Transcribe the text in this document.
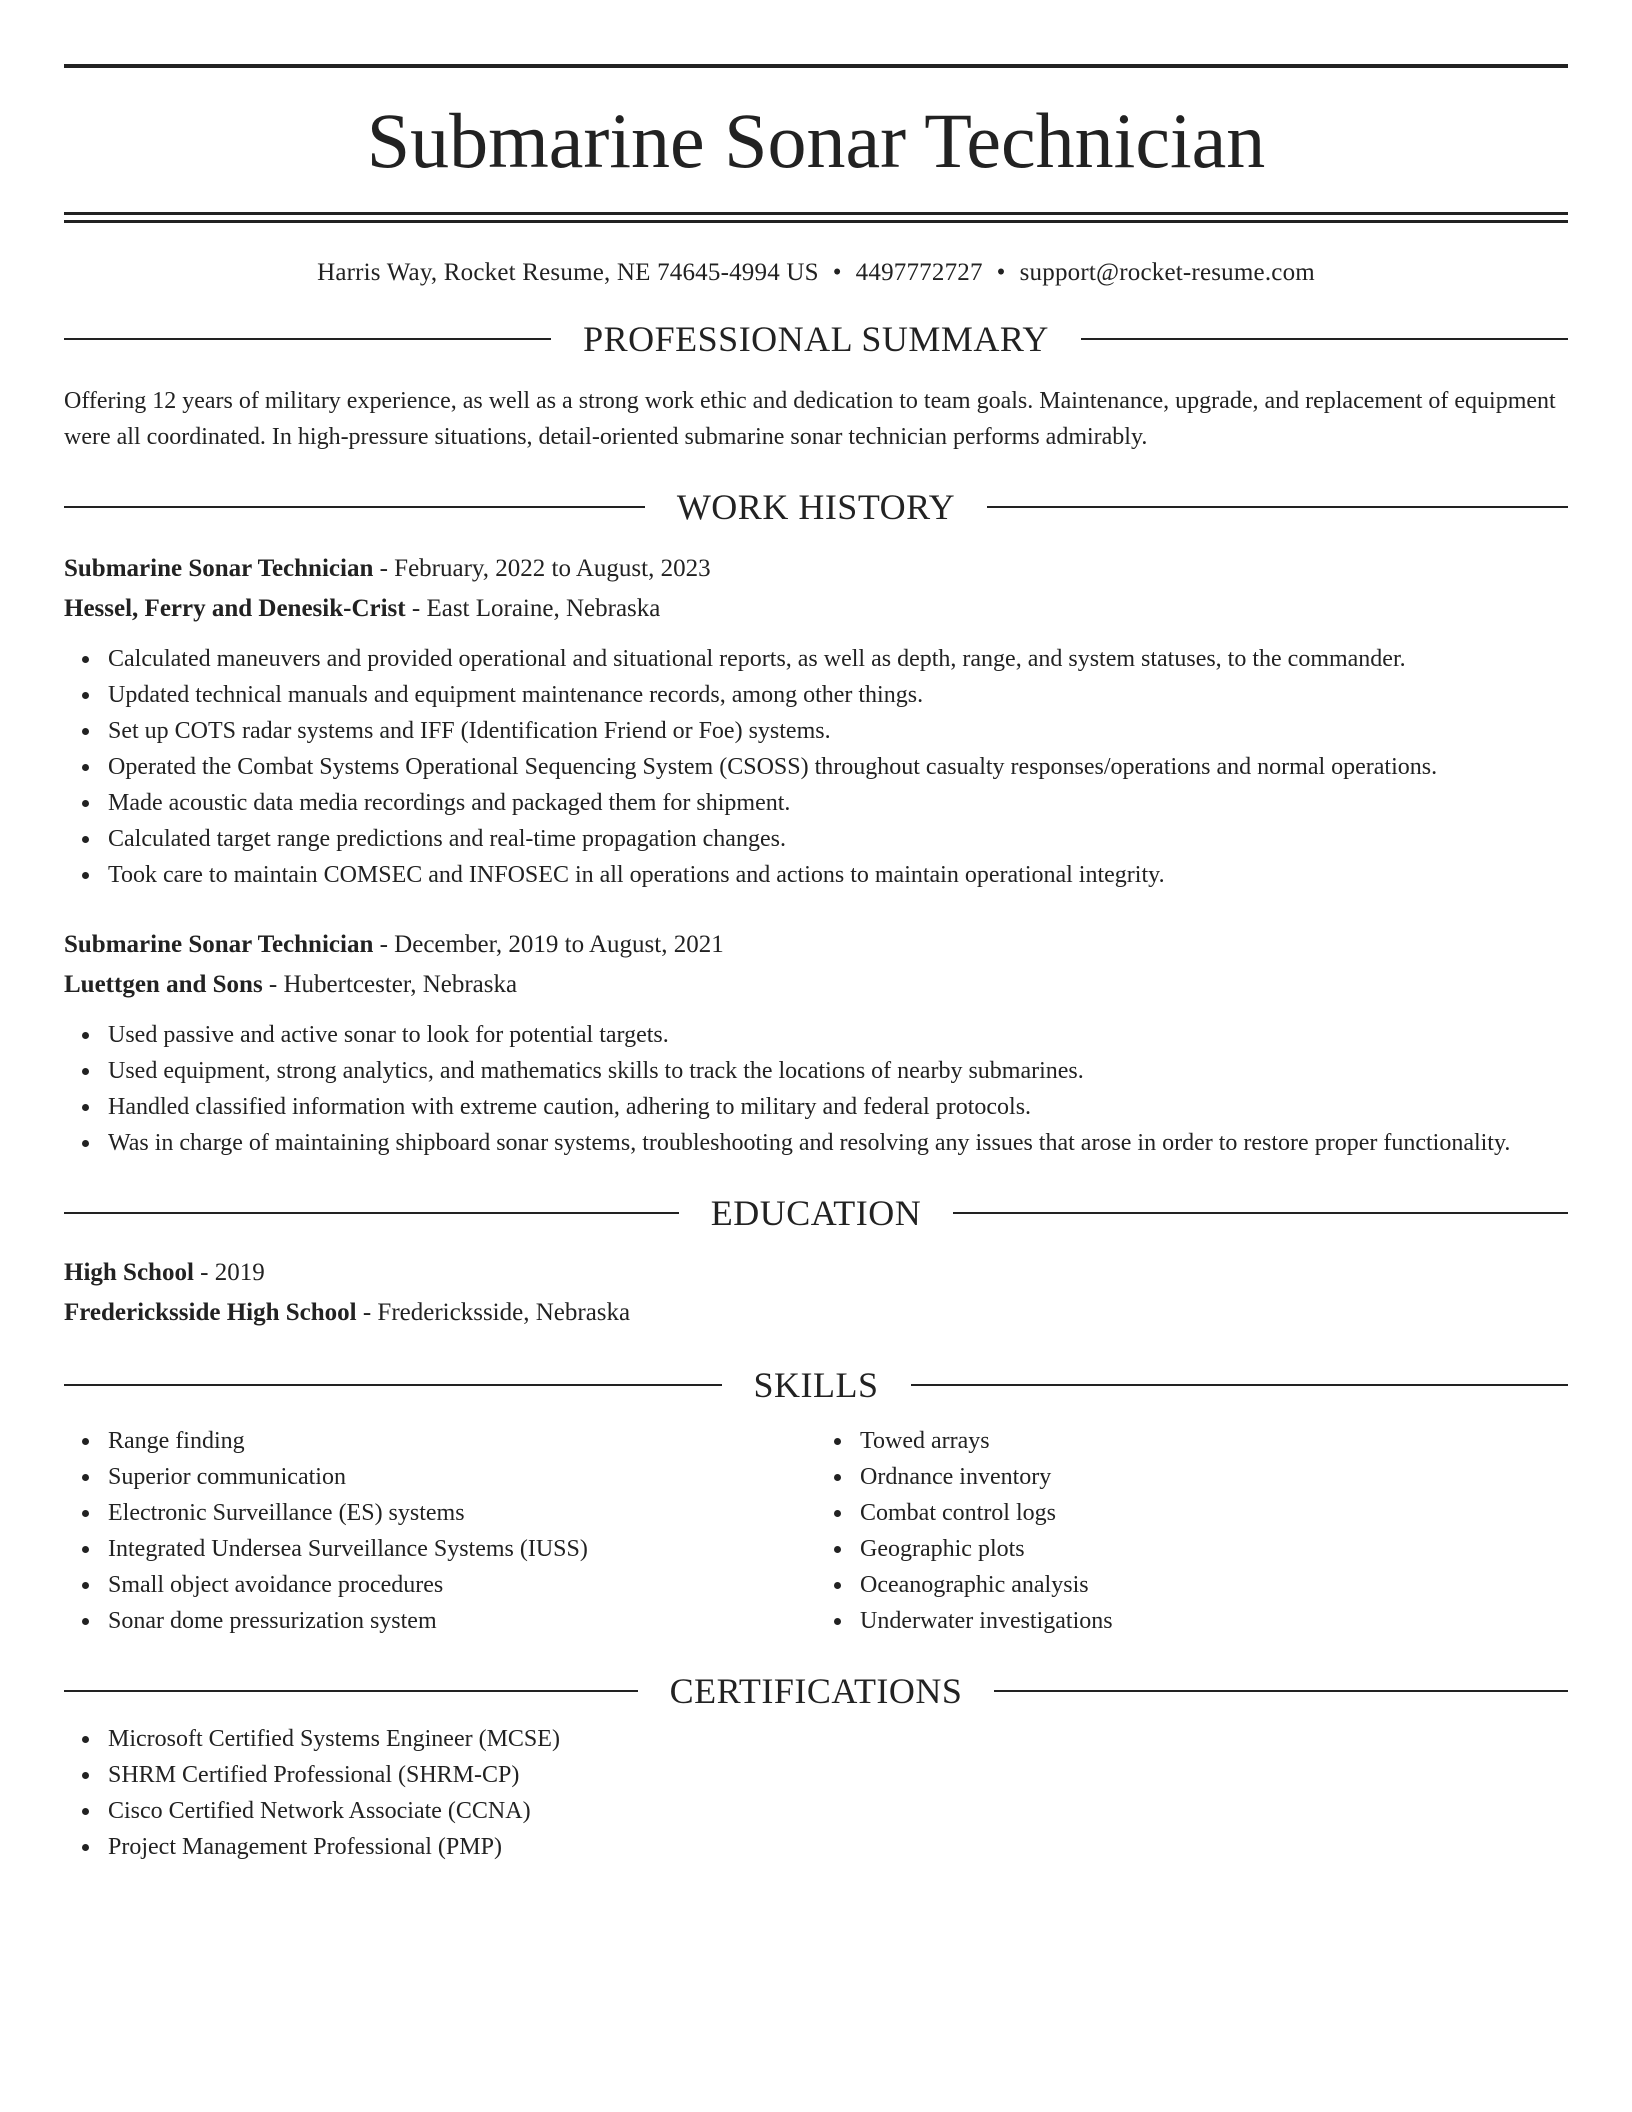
Submarine Sonar Technician
Harris Way, Rocket Resume, NE 74645-4994 US • 4497772727 • support@rocket-resume.com
PROFESSIONAL SUMMARY
Offering 12 years of military experience, as well as a strong work ethic and dedication to team goals. Maintenance, upgrade, and replacement of equipment were all coordinated. In high-pressure situations, detail-oriented submarine sonar technician performs admirably.
WORK HISTORY
Submarine Sonar Technician - February, 2022 to August, 2023
Hessel, Ferry and Denesik-Crist - East Loraine, Nebraska
Calculated maneuvers and provided operational and situational reports, as well as depth, range, and system statuses, to the commander.
Updated technical manuals and equipment maintenance records, among other things.
Set up COTS radar systems and IFF (Identification Friend or Foe) systems.
Operated the Combat Systems Operational Sequencing System (CSOSS) throughout casualty responses/operations and normal operations.
Made acoustic data media recordings and packaged them for shipment.
Calculated target range predictions and real-time propagation changes.
Took care to maintain COMSEC and INFOSEC in all operations and actions to maintain operational integrity.
Submarine Sonar Technician - December, 2019 to August, 2021
Luettgen and Sons - Hubertcester, Nebraska
Used passive and active sonar to look for potential targets.
Used equipment, strong analytics, and mathematics skills to track the locations of nearby submarines.
Handled classified information with extreme caution, adhering to military and federal protocols.
Was in charge of maintaining shipboard sonar systems, troubleshooting and resolving any issues that arose in order to restore proper functionality.
EDUCATION
High School - 2019
Fredericksside High School - Fredericksside, Nebraska
SKILLS
Range finding
Superior communication
Electronic Surveillance (ES) systems
Integrated Undersea Surveillance Systems (IUSS)
Small object avoidance procedures
Sonar dome pressurization system
Towed arrays
Ordnance inventory
Combat control logs
Geographic plots
Oceanographic analysis
Underwater investigations
CERTIFICATIONS
Microsoft Certified Systems Engineer (MCSE)
SHRM Certified Professional (SHRM-CP)
Cisco Certified Network Associate (CCNA)
Project Management Professional (PMP)
